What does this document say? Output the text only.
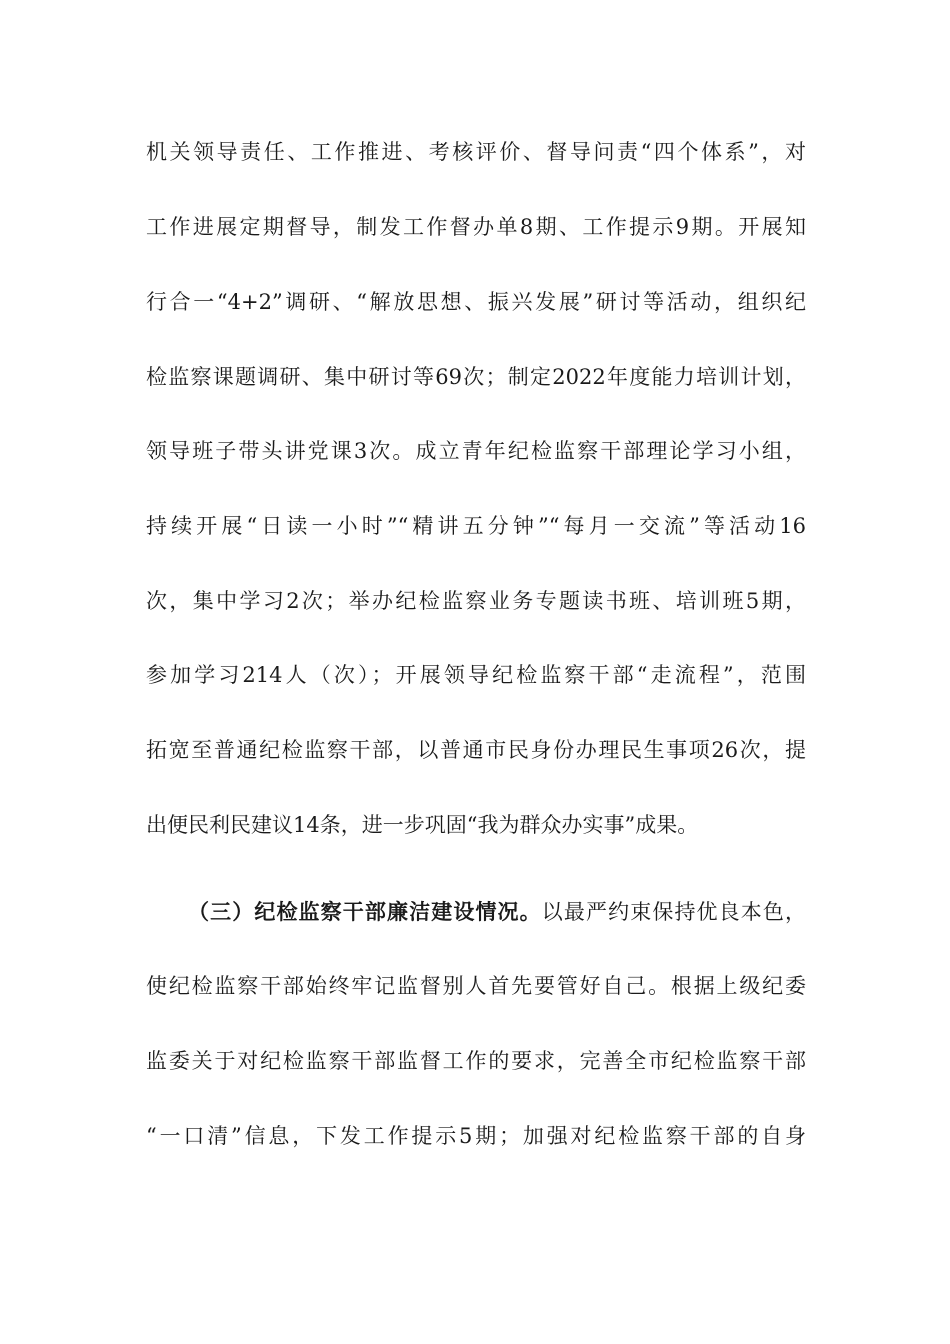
机关领导责任、工作推进、考核评价、督导问责“四个体系”，对
工作进展定期督导，制发工作督办单8期、工作提示9期。开展知
行合一“4+2”调研、“解放思想、振兴发展”研讨等活动，组织纪
检监察课题调研、集中研讨等69次；制定2022年度能力培训计划，
领导班子带头讲党课3次。成立青年纪检监察干部理论学习小组，
持续开展“日读一小时”“精讲五分钟”“每月一交流”等活动16
次，集中学习2次；举办纪检监察业务专题读书班、培训班5期，
参加学习214人（次）；开展领导纪检监察干部“走流程”，范围
拓宽至普通纪检监察干部，以普通市民身份办理民生事项26次，提
出便民利民建议14条，进一步巩固“我为群众办实事”成果。
（三）纪检监察干部廉洁建设情况。以最严约束保持优良本色，
使纪检监察干部始终牢记监督别人首先要管好自己。根据上级纪委
监委关于对纪检监察干部监督工作的要求，完善全市纪检监察干部
“一口清”信息，下发工作提示5期；加强对纪检监察干部的自身
